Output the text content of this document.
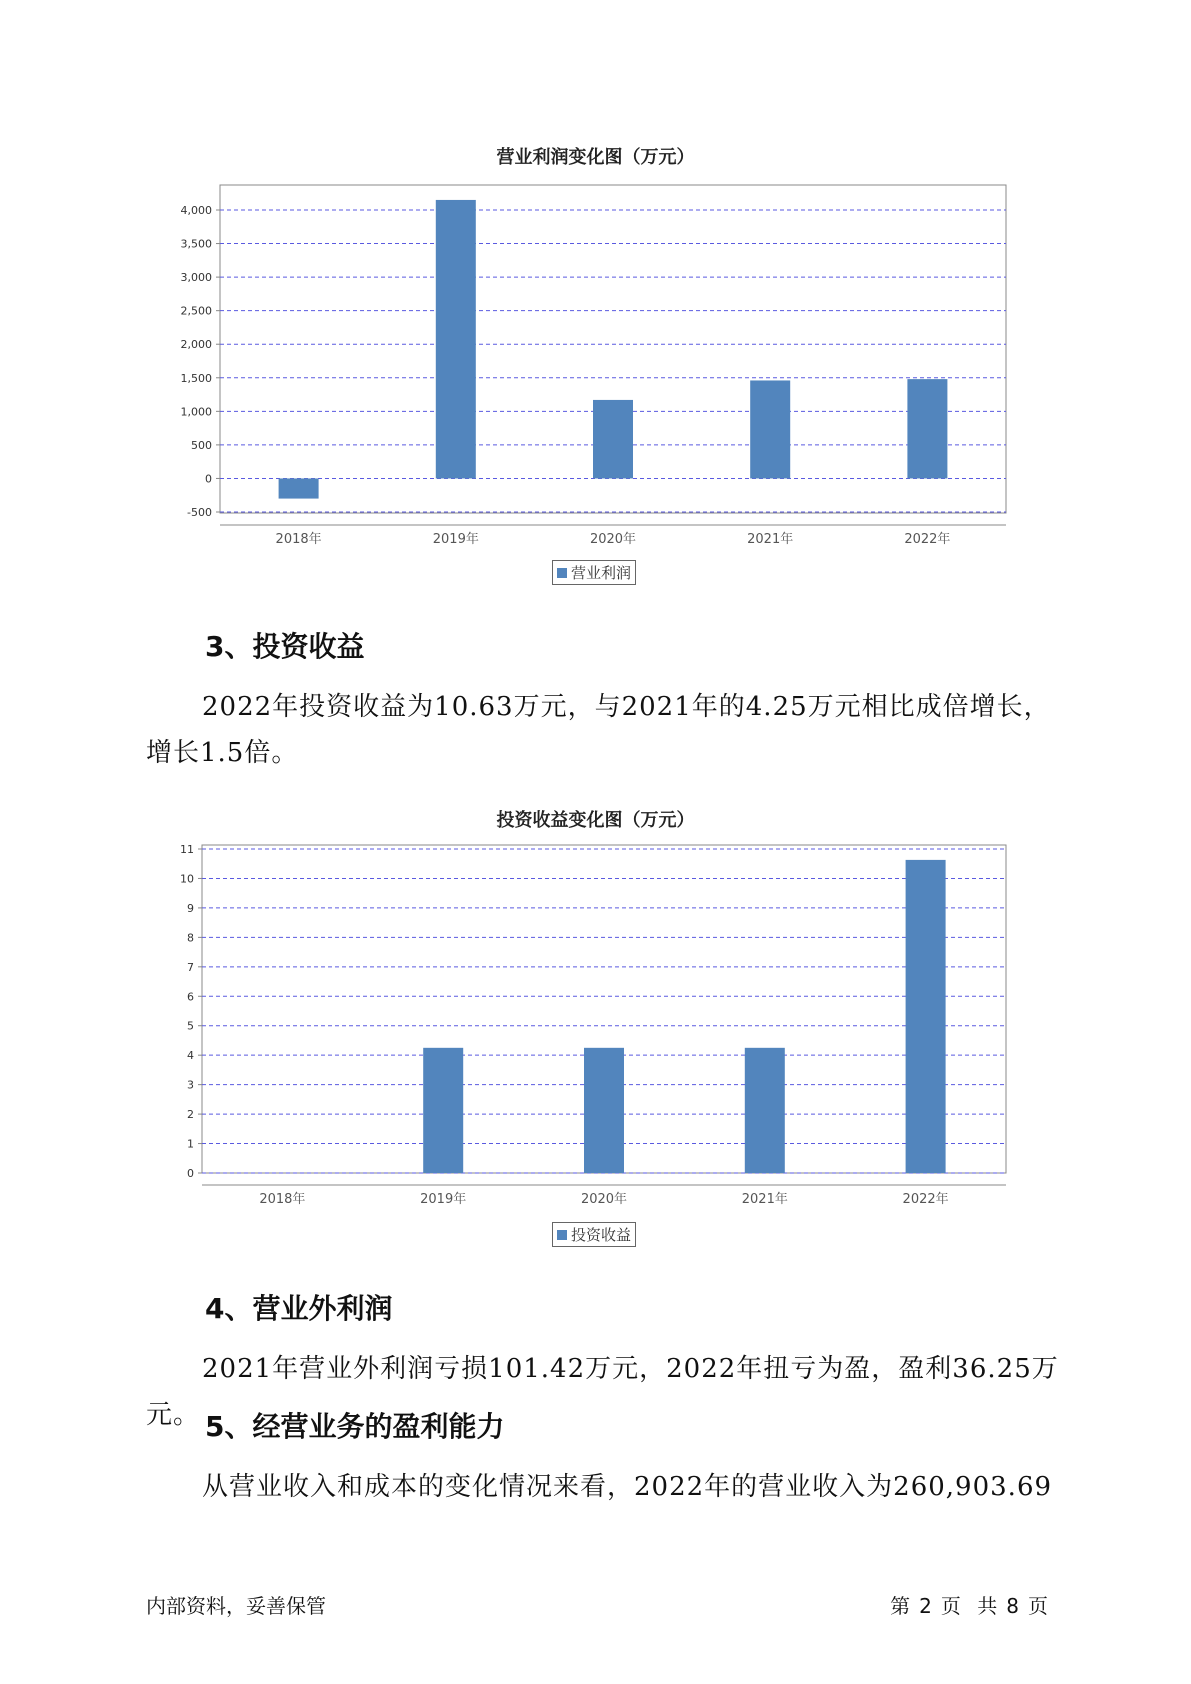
营业利润变化图（万元）
-500
0
500
1,000
1,500
2,000
2,500
3,000
3,500
4,000
2018年	2019年	2020年	2021年	2022年
营业利润
3、投资收益
2022年投资收益为10.63万元，与2021年的4.25万元相比成倍增长，增长1.5倍。
投资收益变化图（万元）
0
1
2
3
4
5
6
7
8
9
10
11
2018年	2019年	2020年	2021年	2022年
投资收益
4、营业外利润
2021年营业外利润亏损101.42万元，2022年扭亏为盈，盈利36.25万元。 5、经营业务的盈利能力
从营业收入和成本的变化情况来看，2022年的营业收入为260,903.69
内部资料，妥善保管	第 2 页 共 8 页
